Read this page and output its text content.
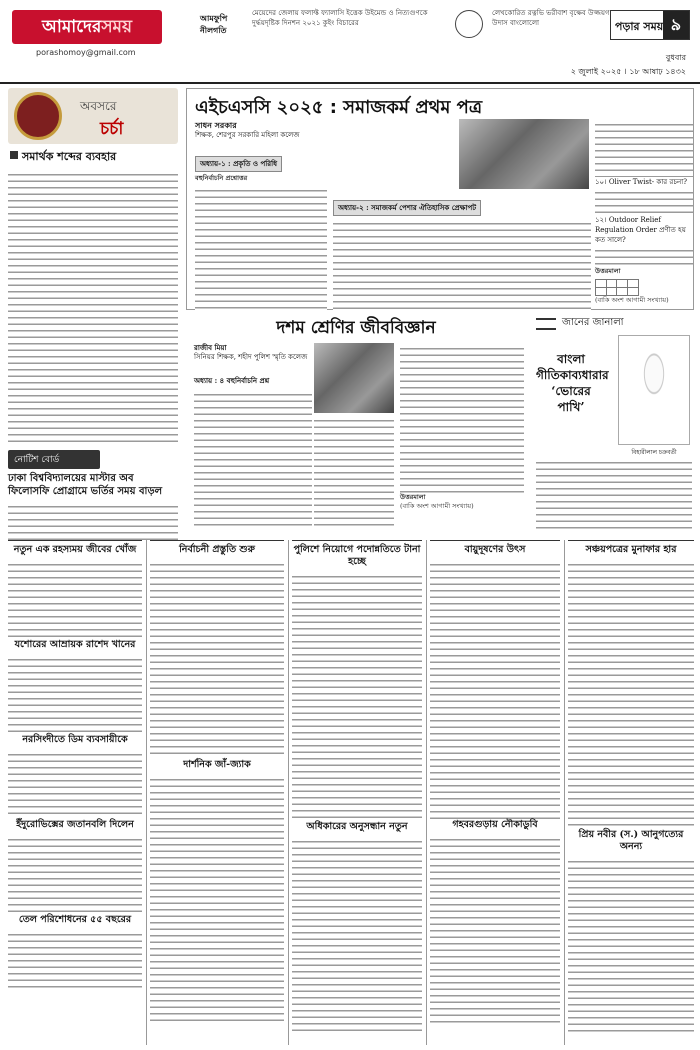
আমাদেরসময়
porashomoy@gmail.com
আমফুপি নীলগতি
মেয়েদের জেলায় ফলাফ্ট ফ্যালাসি ইত্তেক উইমেন্ড ও নিত্যগুণকে দুর্দ্ধয়দৃষ্টিক দিনশন ২০২১ কুইং বিচারের
লেখকোরিত রত্নভি ভরীবাশ বৃক্ষেব উজ্জয়গ উদাস বাংলোলো	পড়ার সময় ৯
বুধবার
২ জুলাই ২০২৫ । ১৮ আষাঢ় ১৪৩২
অবসরে
চর্চা
সমার্থক শব্দের ব্যবহার
নোটিশ বোর্ড
ঢাকা বিশ্ববিদ্যালয়ের মাস্টার অব ফিলোসফি প্রোগ্রামে ভর্তির সময় বাড়ল
এইচএসসি ২০২৫ : সমাজকর্ম প্রথম পত্র
সাধন সরকার
শিক্ষক, শেরপুর সরকারি মহিলা কলেজ
অধ্যায়-১ : প্রকৃতি ও পরিধি
বহুনির্বাচনি প্রশ্নোত্তর
অধ্যায়-২ : সমাজকর্ম পেশার ঐতিহাসিক প্রেক্ষাপট
১০। Oliver Twist- কার রচনা?
১২। Outdoor Relief Regulation Order প্রণীত হয় কত সালে?
উত্তরমালা

(বাকি অংশ আগামী সংখ্যায়)
দশম শ্রেণির জীববিজ্ঞান
রাজীব মিয়া
সিনিয়র শিক্ষক, শহীদ পুলিশ স্মৃতি কলেজ
অধ্যায় : ৪ বহুনির্বাচনি প্রশ্ন
উত্তরমালা
(বাকি অংশ আগামী সংখ্যায়)
জানের জানালা
বাংলা গীতিকাব্যধারার ‘ভোরের পাখি’
বিহারীলাল চক্রবর্তী
নতুন এক রহস্যময় জীবের খোঁজ
যশোরের আম্রায়ক রাশেদ খানের
নরসিংদীতে ডিম ব্যবসায়ীকে
ইঁদুরোভিক্সের জতানবলি দিলেন
তেল পরিশোধনের ৫৫ বছরের
নির্বাচনী প্রস্তুতি শুরু
দার্শনিক জাঁ-জ্যাক
পুলিশে নিয়োগে পদোন্নতিতে টানা হচ্ছে
অধিকারের অনুসন্ধান নতুন
বায়ুদূষণের উৎস
গহবরগুড়ায় নৌকাডুবি
সঞ্চয়পত্রের মুনাফার হার
প্রিয় নবীর (স.) আনুগত্যের অনন্য
